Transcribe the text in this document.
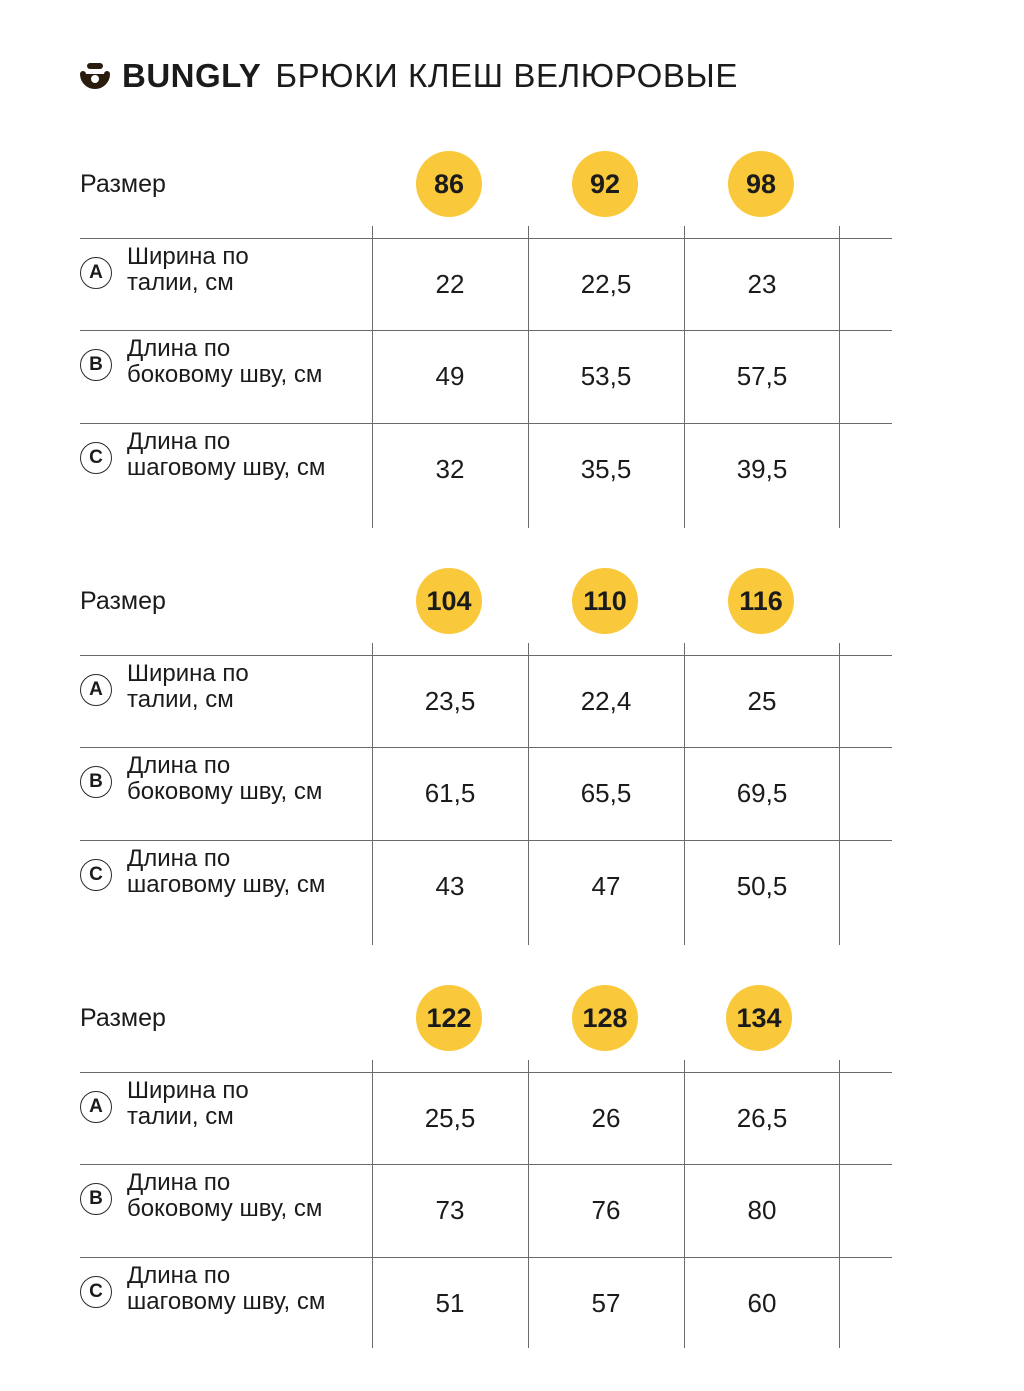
BUNGLY БРЮКИ КЛЕШ ВЕЛЮРОВЫЕ
Размер	86	92	98
A
Ширина по
талии, см	22	22,5	23
B
Длина по
боковому шву, см	49	53,5	57,5
C
Длина по
шаговому шву, см	32	35,5	39,5
Размер	104	110	116
A
Ширина по
талии, см	23,5	22,4	25
B
Длина по
боковому шву, см	61,5	65,5	69,5
C
Длина по
шаговому шву, см	43	47	50,5
Размер	122	128	134
A
Ширина по
талии, см	25,5	26	26,5
B
Длина по
боковому шву, см	73	76	80
C
Длина по
шаговому шву, см	51	57	60
